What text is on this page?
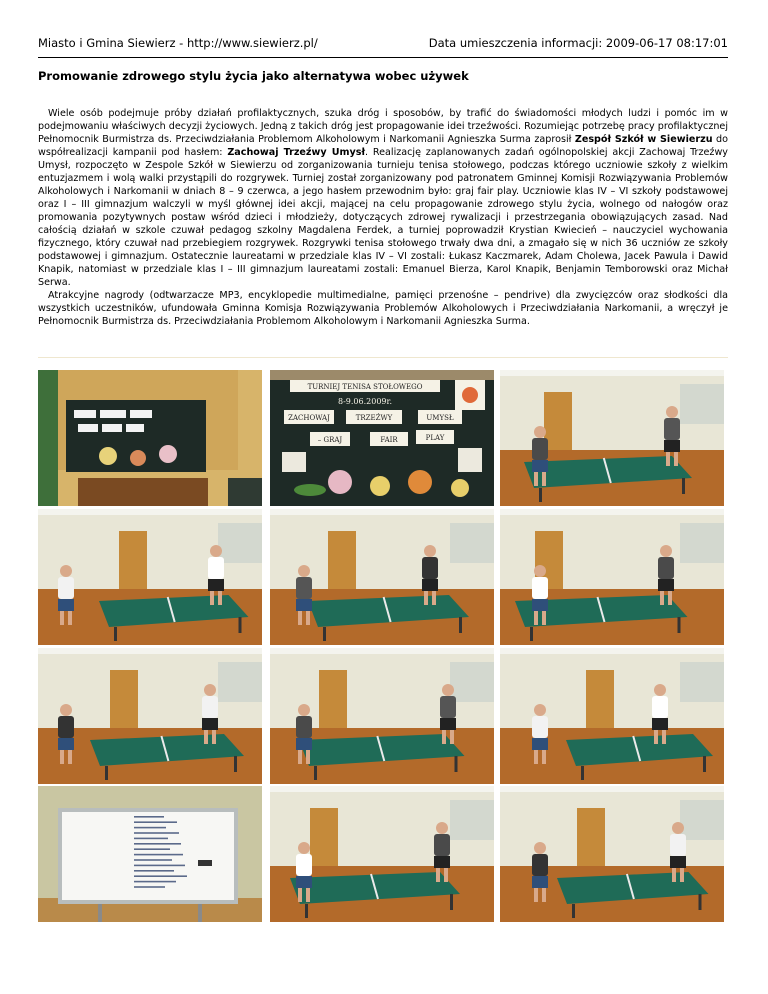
Miasto i Gmina Siewierz - http://www.siewierz.pl/	Data umieszczenia informacji: 2009-06-17 08:17:01
Promowanie zdrowego stylu życia jako alternatywa wobec używek

Wiele osób podejmuje próby działań profilaktycznych, szuka dróg i sposobów, by trafić do świadomości młodych ludzi i pomóc im w podejmowaniu właściwych decyzji życiowych. Jedną z takich dróg jest propagowanie idei trzeźwości. Rozumiejąc potrzebę pracy profilaktycznej Pełnomocnik Burmistrza ds. Przeciwdziałania Problemom Alkoholowym i Narkomanii Agnieszka Surma zaprosił Zespół Szkół w Siewierzu do współrealizacji kampanii pod hasłem: Zachowaj Trzeźwy Umysł. Realizację zaplanowanych zadań ogólnopolskiej akcji Zachowaj Trzeźwy Umysł, rozpoczęto w Zespole Szkół w Siewierzu od zorganizowania turnieju tenisa stołowego, podczas którego uczniowie szkoły z wielkim entuzjazmem i wolą walki przystąpili do rozgrywek. Turniej został zorganizowany pod patronatem Gminnej Komisji Rozwiązywania Problemów Alkoholowych i Narkomanii w dniach 8 – 9 czerwca, a jego hasłem przewodnim było: graj fair play. Uczniowie klas IV – VI szkoły podstawowej oraz I – III gimnazjum walczyli w myśl głównej idei akcji, mającej na celu propagowanie zdrowego stylu życia, wolnego od nałogów oraz promowania pozytywnych postaw wśród dzieci i młodzieży, dotyczących zdrowej rywalizacji i przestrzegania obowiązujących zasad. Nad całością działań w szkole czuwał pedagog szkolny Magdalena Ferdek, a turniej poprowadził Krystian Kwiecień – nauczyciel wychowania fizycznego, który czuwał nad przebiegiem rozgrywek. Rozgrywki tenisa stołowego trwały dwa dni, a zmagało się w nich 36 uczniów ze szkoły podstawowej i gimnazjum. Ostatecznie laureatami w przedziale klas IV – VI zostali: Łukasz Kaczmarek, Adam Cholewa, Jacek Pawula i Dawid Knapik, natomiast w przedziale klas I – III gimnazjum laureatami zostali: Emanuel Bierza, Karol Knapik, Benjamin Temborowski oraz Michał Serwa.

Atrakcyjne nagrody (odtwarzacze MP3, encyklopedie multimedialne, pamięci przenośne – pendrive) dla zwycięzców oraz słodkości dla wszystkich uczestników, ufundowała Gminna Komisja Rozwiązywania Problemów Alkoholowych i Przeciwdziałania Narkomanii, a wręczył je Pełnomocnik Burmistrza ds. Przeciwdziałania Problemom Alkoholowym i Narkomanii Agnieszka Surma.

TURNIEJ TENISA STOŁOWEGO
8-9.06.2009r.
ZACHOWAJ	TRZEŹWY	UMYSŁ
– GRAJ	FAIR	PLAY
